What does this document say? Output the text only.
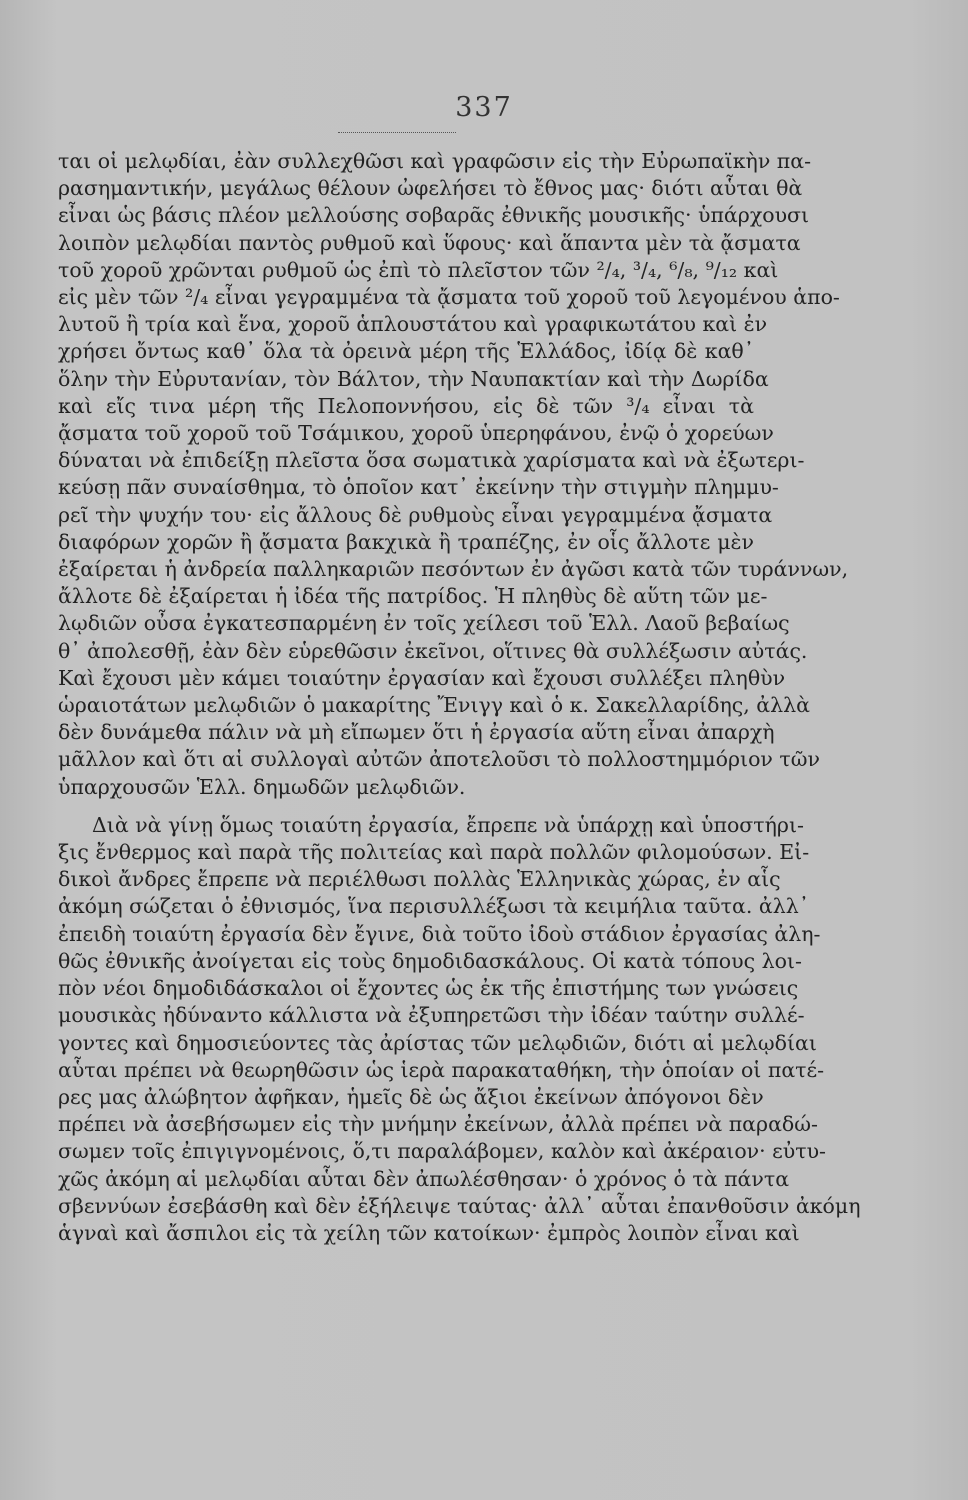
337
ται οἱ μελῳδίαι, ἐὰν συλλεχθῶσι καὶ γραφῶσιν εἰς τὴν Εὐρωπαϊκὴν πα-
ρασημαντικήν, μεγάλως θέλουν ὠφελήσει τὸ ἔθνος μας· διότι αὗται θὰ
εἶναι ὡς βάσις πλέον μελλούσης σοβαρᾶς ἐθνικῆς μουσικῆς· ὑπάρχουσι
λοιπὸν μελῳδίαι παντὸς ρυθμοῦ καὶ ὕφους· καὶ ἅπαντα μὲν τὰ ᾄσματα
τοῦ χοροῦ χρῶνται ρυθμοῦ ὡς ἐπὶ τὸ πλεῖστον τῶν ²/₄, ³/₄, ⁶/₈, ⁹/₁₂ καὶ
εἰς μὲν τῶν ²/₄ εἶναι γεγραμμένα τὰ ᾄσματα τοῦ χοροῦ τοῦ λεγομένου ἁπο-
λυτοῦ ἢ τρία καὶ ἕνα, χοροῦ ἁπλουστάτου καὶ γραφικωτάτου καὶ ἐν
χρήσει ὄντως καθ᾽ ὅλα τὰ ὀρεινὰ μέρη τῆς Ἑλλάδος, ἰδίᾳ δὲ καθ᾽
ὅλην τὴν Εὐρυτανίαν, τὸν Βάλτον, τὴν Ναυπακτίαν καὶ τὴν Δωρίδα
καὶ εἴς τινα μέρη τῆς Πελοποννήσου, εἰς δὲ τῶν ³/₄ εἶναι τὰ
ᾄσματα τοῦ χοροῦ τοῦ Τσάμικου, χοροῦ ὑπερηφάνου, ἐνῷ ὁ χορεύων
δύναται νὰ ἐπιδείξῃ πλεῖστα ὅσα σωματικὰ χαρίσματα καὶ νὰ ἐξωτερι-
κεύσῃ πᾶν συναίσθημα, τὸ ὁποῖον κατ᾽ ἐκείνην τὴν στιγμὴν πλημμυ-
ρεῖ τὴν ψυχήν του· εἰς ἄλλους δὲ ρυθμοὺς εἶναι γεγραμμένα ᾄσματα
διαφόρων χορῶν ἢ ᾄσματα βακχικὰ ἢ τραπέζης, ἐν οἷς ἄλλοτε μὲν
ἐξαίρεται ἡ ἀνδρεία παλληκαριῶν πεσόντων ἐν ἀγῶσι κατὰ τῶν τυράννων,
ἄλλοτε δὲ ἐξαίρεται ἡ ἰδέα τῆς πατρίδος. Ἡ πληθὺς δὲ αὕτη τῶν με-
λῳδιῶν οὖσα ἐγκατεσπαρμένη ἐν τοῖς χείλεσι τοῦ Ἑλλ. Λαοῦ βεβαίως
θ᾽ ἀπολεσθῇ, ἐὰν δὲν εὑρεθῶσιν ἐκεῖνοι, οἵτινες θὰ συλλέξωσιν αὐτάς.
Καὶ ἔχουσι μὲν κάμει τοιαύτην ἐργασίαν καὶ ἔχουσι συλλέξει πληθὺν
ὡραιοτάτων μελῳδιῶν ὁ μακαρίτης Ἔνιγγ καὶ ὁ κ. Σακελλαρίδης, ἀλλὰ
δὲν δυνάμεθα πάλιν νὰ μὴ εἴπωμεν ὅτι ἡ ἐργασία αὕτη εἶναι ἀπαρχὴ
μᾶλλον καὶ ὅτι αἱ συλλογαὶ αὐτῶν ἀποτελοῦσι τὸ πολλοστημμόριον τῶν
ὑπαρχουσῶν Ἑλλ. δημωδῶν μελῳδιῶν.
Διὰ νὰ γίνῃ ὅμως τοιαύτη ἐργασία, ἔπρεπε νὰ ὑπάρχῃ καὶ ὑποστήρι-
ξις ἔνθερμος καὶ παρὰ τῆς πολιτείας καὶ παρὰ πολλῶν φιλομούσων. Εἰ-
δικοὶ ἄνδρες ἔπρεπε νὰ περιέλθωσι πολλὰς Ἑλληνικὰς χώρας, ἐν αἷς
ἀκόμη σώζεται ὁ ἐθνισμός, ἵνα περισυλλέξωσι τὰ κειμήλια ταῦτα. ἀλλ᾽
ἐπειδὴ τοιαύτη ἐργασία δὲν ἔγινε, διὰ τοῦτο ἰδοὺ στάδιον ἐργασίας ἀλη-
θῶς ἐθνικῆς ἀνοίγεται εἰς τοὺς δημοδιδασκάλους. Οἱ κατὰ τόπους λοι-
πὸν νέοι δημοδιδάσκαλοι οἱ ἔχοντες ὡς ἐκ τῆς ἐπιστήμης των γνώσεις
μουσικὰς ἠδύναντο κάλλιστα νὰ ἐξυπηρετῶσι τὴν ἰδέαν ταύτην συλλέ-
γοντες καὶ δημοσιεύοντες τὰς ἀρίστας τῶν μελῳδιῶν, διότι αἱ μελῳδίαι
αὗται πρέπει νὰ θεωρηθῶσιν ὡς ἱερὰ παρακαταθήκη, τὴν ὁποίαν οἱ πατέ-
ρες μας ἀλώβητον ἀφῆκαν, ἡμεῖς δὲ ὡς ἄξιοι ἐκείνων ἀπόγονοι δὲν
πρέπει νὰ ἀσεβήσωμεν εἰς τὴν μνήμην ἐκείνων, ἀλλὰ πρέπει νὰ παραδώ-
σωμεν τοῖς ἐπιγιγνομένοις, ὅ,τι παραλάβομεν, καλὸν καὶ ἀκέραιον· εὐτυ-
χῶς ἀκόμη αἱ μελῳδίαι αὗται δὲν ἀπωλέσθησαν· ὁ χρόνος ὁ τὰ πάντα
σβεννύων ἐσεβάσθη καὶ δὲν ἐξήλειψε ταύτας· ἀλλ᾽ αὗται ἐπανθοῦσιν ἀκόμη
ἁγναὶ καὶ ἄσπιλοι εἰς τὰ χείλη τῶν κατοίκων· ἐμπρὸς λοιπὸν εἶναι καὶ
